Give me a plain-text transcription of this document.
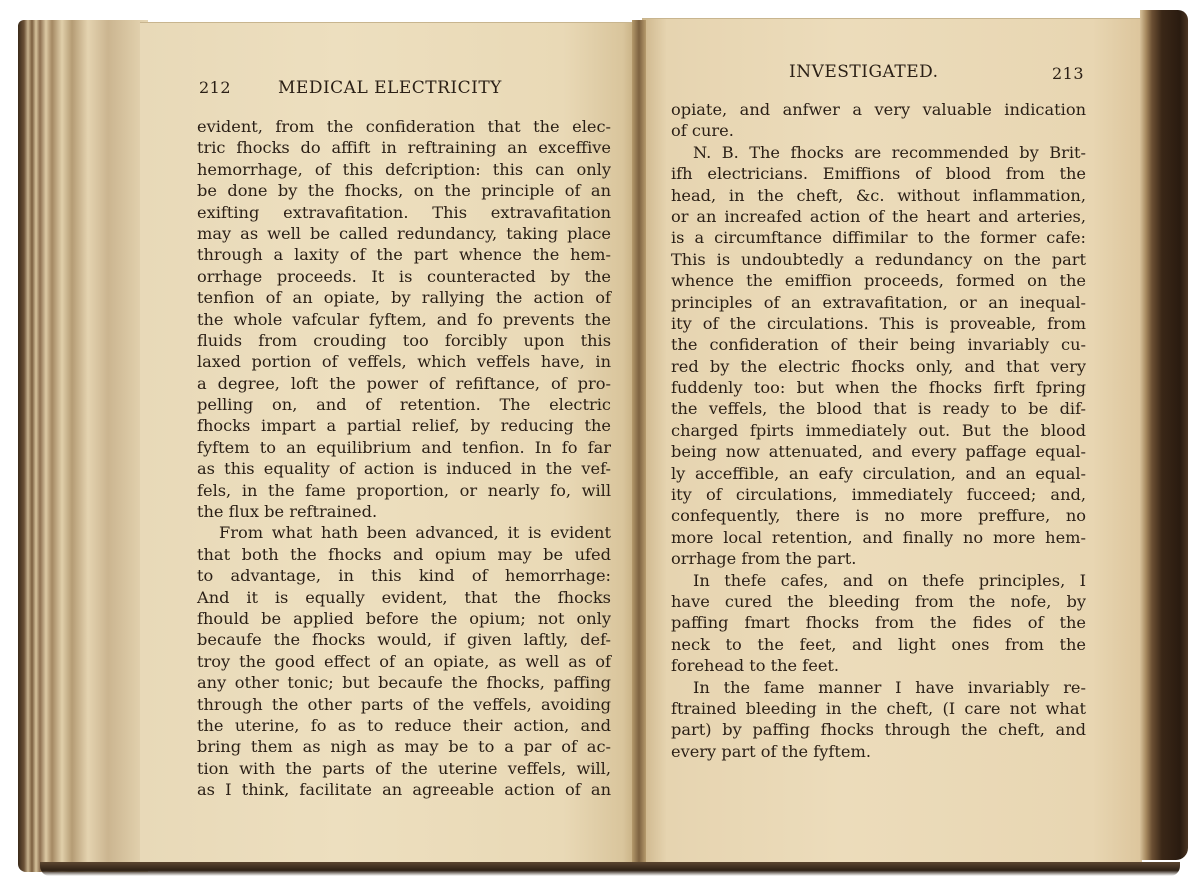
212	MEDICAL ELECTRICITY
INVESTIGATED.	213
evident, from the confideration that the elec-
tric fhocks do affift in reftraining an exceffive
hemorrhage, of this defcription: this can only
be done by the fhocks, on the principle of an
exifting extravafitation. This extravafitation
may as well be called redundancy, taking place
through a laxity of the part whence the hem-
orrhage proceeds. It is counteracted by the
tenfion of an opiate, by rallying the action of
the whole vafcular fyftem, and fo prevents the
fluids from crouding too forcibly upon this
laxed portion of veffels, which veffels have, in
a degree, loft the power of refiftance, of pro-
pelling on, and of retention. The electric
fhocks impart a partial relief, by reducing the
fyftem to an equilibrium and tenfion. In fo far
as this equality of action is induced in the vef-
fels, in the fame proportion, or nearly fo, will
the flux be reftrained.
From what hath been advanced, it is evident
that both the fhocks and opium may be ufed
to advantage, in this kind of hemorrhage:
And it is equally evident, that the fhocks
fhould be applied before the opium; not only
becaufe the fhocks would, if given laftly, def-
troy the good effect of an opiate, as well as of
any other tonic; but becaufe the fhocks, paffing
through the other parts of the veffels, avoiding
the uterine, fo as to reduce their action, and
bring them as nigh as may be to a par of ac-
tion with the parts of the uterine veffels, will,
as I think, facilitate an agreeable action of an
opiate, and anfwer a very valuable indication
of cure.
N. B. The fhocks are recommended by Brit-
ifh electricians. Emiffions of blood from the
head, in the cheft, &c. without inflammation,
or an increafed action of the heart and arteries,
is a circumftance diffimilar to the former cafe:
This is undoubtedly a redundancy on the part
whence the emiffion proceeds, formed on the
principles of an extravafitation, or an inequal-
ity of the circulations. This is proveable, from
the confideration of their being invariably cu-
red by the electric fhocks only, and that very
fuddenly too: but when the fhocks firft fpring
the veffels, the blood that is ready to be dif-
charged fpirts immediately out. But the blood
being now attenuated, and every paffage equal-
ly acceffible, an eafy circulation, and an equal-
ity of circulations, immediately fucceed; and,
confequently, there is no more preffure, no
more local retention, and finally no more hem-
orrhage from the part.
In thefe cafes, and on thefe principles, I
have cured the bleeding from the nofe, by
paffing fmart fhocks from the fides of the
neck to the feet, and light ones from the
forehead to the feet.
In the fame manner I have invariably re-
ftrained bleeding in the cheft, (I care not what
part) by paffing fhocks through the cheft, and
every part of the fyftem.
